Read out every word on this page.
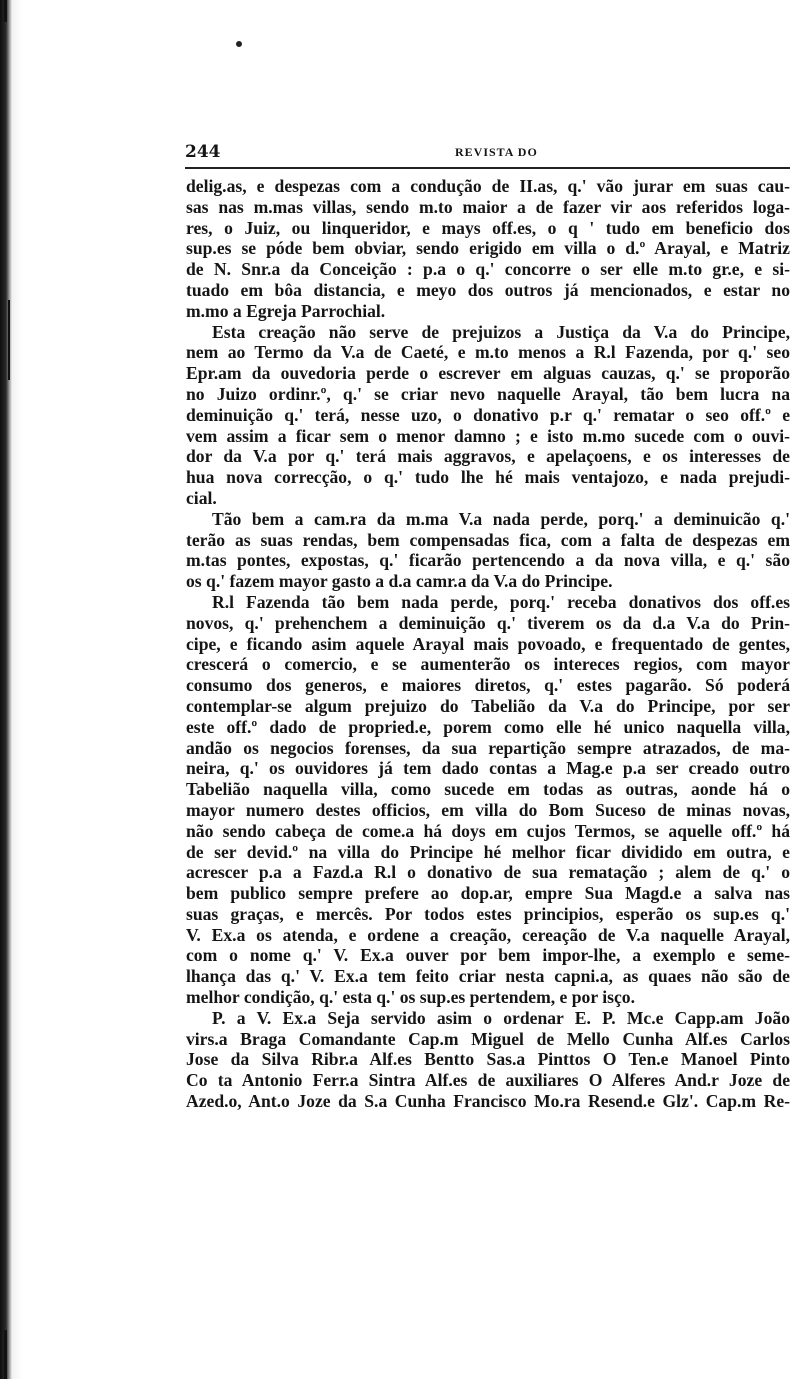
244	REVISTA DO
delig.as, e despezas com a condução de II.as, q.' vão jurar em suas cau-
sas nas m.mas villas, sendo m.to maior a de fazer vir aos referidos loga-
res, o Juiz, ou linqueridor, e mays off.es, o q ' tudo em beneficio dos
sup.es se póde bem obviar, sendo erigido em villa o d.º Arayal, e Matriz
de N. Snr.a da Conceição : p.a o q.' concorre o ser elle m.to gr.e, e si-
tuado em bôa distancia, e meyo dos outros já mencionados, e estar no
m.mo a Egreja Parrochial.
Esta creação não serve de prejuizos a Justiça da V.a do Principe,
nem ao Termo da V.a de Caeté, e m.to menos a R.l Fazenda, por q.' seo
Epr.am da ouvedoria perde o escrever em alguas cauzas, q.' se proporão
no Juizo ordinr.º, q.' se criar nevo naquelle Arayal, tão bem lucra na
deminuição q.' terá, nesse uzo, o donativo p.r q.' rematar o seo off.º e
vem assim a ficar sem o menor damno ; e isto m.mo sucede com o ouvi-
dor da V.a por q.' terá mais aggravos, e apelaçoens, e os interesses de
hua nova correcção, o q.' tudo lhe hé mais ventajozo, e nada prejudi-
cial.
Tão bem a cam.ra da m.ma V.a nada perde, porq.' a deminuicão q.'
terão as suas rendas, bem compensadas fica, com a falta de despezas em
m.tas pontes, expostas, q.' ficarão pertencendo a da nova villa, e q.' são
os q.' fazem mayor gasto a d.a camr.a da V.a do Principe.
R.l Fazenda tão bem nada perde, porq.' receba donativos dos off.es
novos, q.' prehenchem a deminuição q.' tiverem os da d.a V.a do Prin-
cipe, e ficando asim aquele Arayal mais povoado, e frequentado de gentes,
crescerá o comercio, e se aumenterão os intereces regios, com mayor
consumo dos generos, e maiores diretos, q.' estes pagarão. Só poderá
contemplar-se algum prejuizo do Tabelião da V.a do Principe, por ser
este off.º dado de propried.e, porem como elle hé unico naquella villa,
andão os negocios forenses, da sua repartição sempre atrazados, de ma-
neira, q.' os ouvidores já tem dado contas a Mag.e p.a ser creado outro
Tabelião naquella villa, como sucede em todas as outras, aonde há o
mayor numero destes officios, em villa do Bom Suceso de minas novas,
não sendo cabeça de come.a há doys em cujos Termos, se aquelle off.º há
de ser devid.º na villa do Principe hé melhor ficar dividido em outra, e
acrescer p.a a Fazd.a R.l o donativo de sua rematação ; alem de q.' o
bem publico sempre prefere ao dop.ar, empre Sua Magd.e a salva nas
suas graças, e mercês. Por todos estes principios, esperão os sup.es q.'
V. Ex.a os atenda, e ordene a creação, cereação de V.a naquelle Arayal,
com o nome q.' V. Ex.a ouver por bem impor-lhe, a exemplo e seme-
lhança das q.' V. Ex.a tem feito criar nesta capni.a, as quaes não são de
melhor condição, q.' esta q.' os sup.es pertendem, e por isço.
P. a V. Ex.a Seja servido asim o ordenar E. P. Mc.e Capp.am João
virs.a Braga Comandante Cap.m Miguel de Mello Cunha Alf.es Carlos
Jose da Silva Ribr.a Alf.es Bentto Sas.a Pinttos O Ten.e Manoel Pinto
Co ta Antonio Ferr.a Sintra Alf.es de auxiliares O Alferes And.r Joze de
Azed.o, Ant.o Joze da S.a Cunha Francisco Mo.ra Resend.e Glz'. Cap.m Re-
